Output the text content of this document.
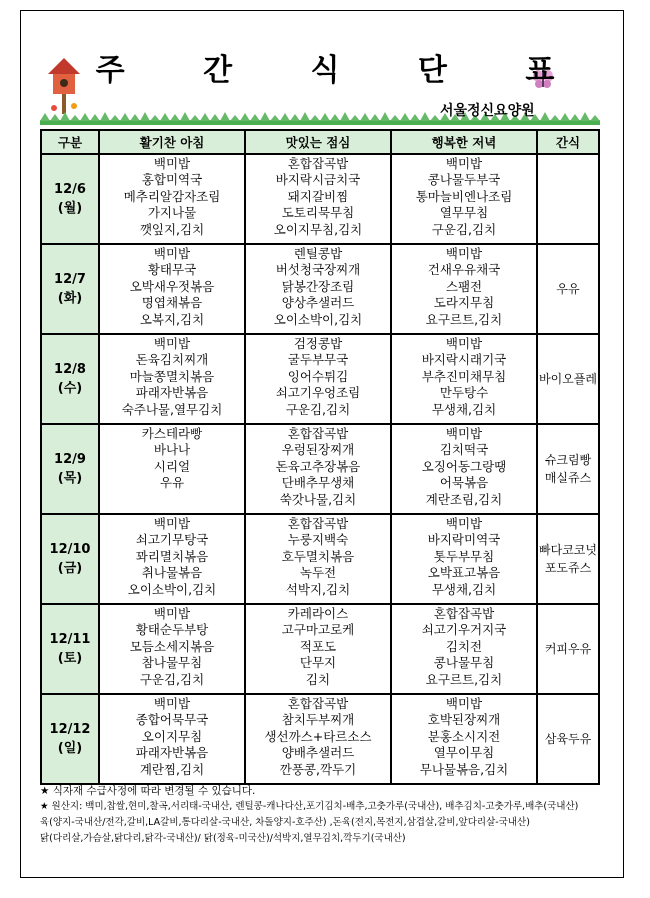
주 간 식 단 표
서울정신요양원
구분	활기찬 아침	맛있는 점심	행복한 저녁	간식

12/6
(월)	백미밥
홍합미역국
메추리알감자조림
가지나물
깻잎지,김치	혼합잡곡밥
바지락시금치국
돼지갈비찜
도토리묵무침
오이지무침,김치	백미밥
콩나물두부국
통마늘비엔나조림
열무무침
구운김,김치	

12/7
(화)	백미밥
황태무국
오박새우젓볶음
명엽채볶음
오복지,김치	렌틸콩밥
버섯청국장찌개
닭봉간장조림
양상추샐러드
오이소박이,김치	백미밥
건새우유채국
스팸전
도라지무침
요구르트,김치	우유

12/8
(수)	백미밥
돈육김치찌개
마늘쫑멸치볶음
파래자반볶음
숙주나물,열무김치	검정콩밥
굴두부무국
잉어수튀김
쇠고기우엉조림
구운김,김치	백미밥
바지락시래기국
부추진미채무침
만두탕수
무생채,김치	바이오플레

12/9
(목)	카스테라빵
바나나
시리얼
우유	혼합잡곡밥
우렁된장찌개
돈육고추장볶음
단배추무생채
쑥갓나물,김치	백미밥
김치떡국
오징어동그랑땡
어묵볶음
계란조림,김치	슈크림빵
매실쥬스

12/10
(금)	백미밥
쇠고기무탕국
꽈리멸치볶음
취나물볶음
오이소박이,김치	혼합잡곡밥
누룽지백숙
호두멸치볶음
녹두전
석박지,김치	백미밥
바지락미역국
톳두부무침
오박표고볶음
무생채,김치	빠다코코넛
포도쥬스

12/11
(토)	백미밥
황태순두부탕
모듬소세지볶음
참나물무침
구운김,김치	카레라이스
고구마고로케
적포도
단무지
김치	혼합잡곡밥
쇠고기우거지국
김치전
콩나물무침
요구르트,김치	커피우유

12/12
(일)	백미밥
종합어묵무국
오이지무침
파래자반볶음
계란찜,김치	혼합잡곡밥
참치두부찌개
생선까스+타르소스
양배추샐러드
깐풍콩,깍두기	백미밥
호박된장찌개
분홍소시지전
열무이무침
무나물볶음,김치	삼육두유
★ 식자재 수급사정에 따라 변경될 수 있습니다.
★ 원산지: 백미,찹쌀,현미,찰곡,서리태-국내산, 렌틸콩-캐나다산,포기김치-배추,고춧가루(국내산), 배추김치-고춧가루,배추(국내산)
육(양지-국내산/전각,갈비,LA갈비,통다리살-국내산, 차돌양지-호주산) ,돈육(전지,목전지,삼겹살,갈비,앞다리살-국내산)
닭(다리살,가슴살,닭다리,닭각-국내산)/ 닭(정육-미국산)/석박지,열무김치,깍두기(국내산)
